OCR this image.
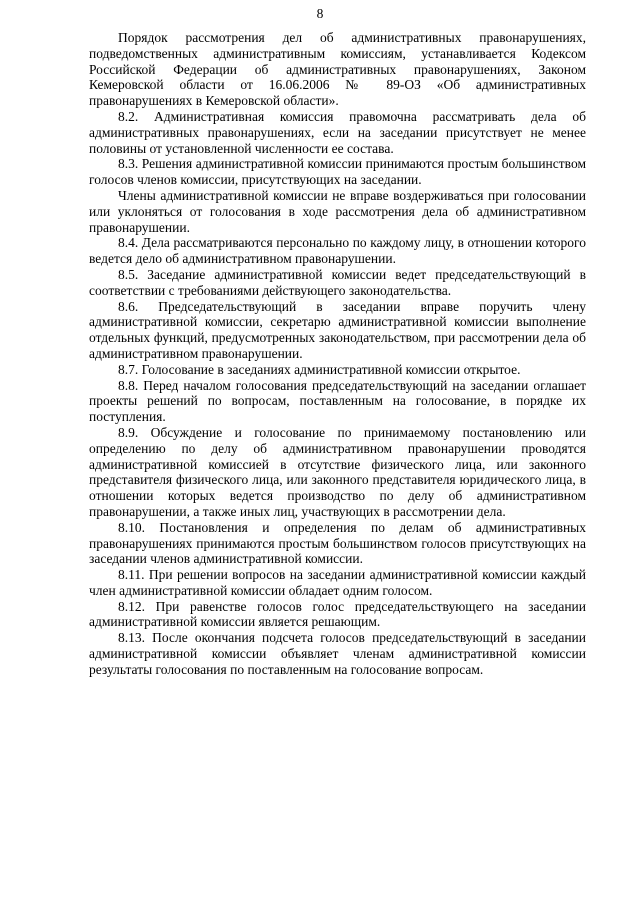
8

Порядок рассмотрения дел об административных правонарушениях, подведомственных административным комиссиям, устанавливается Кодексом Российской Федерации об административных правонарушениях, Законом Кемеровской области от 16.06.2006 № 89-ОЗ «Об административных правонарушениях в Кемеровской области».

8.2. Административная комиссия правомочна рассматривать дела об административных правонарушениях, если на заседании присутствует не менее половины от установленной численности ее состава.

8.3. Решения административной комиссии принимаются простым большинством голосов членов комиссии, присутствующих на заседании.

Члены административной комиссии не вправе воздерживаться при голосовании или уклоняться от голосования в ходе рассмотрения дела об административном правонарушении.

8.4. Дела рассматриваются персонально по каждому лицу, в отношении которого ведется дело об административном правонарушении.

8.5. Заседание административной комиссии ведет председательствующий в соответствии с требованиями действующего законодательства.

8.6. Председательствующий в заседании вправе поручить члену административной комиссии, секретарю административной комиссии выполнение отдельных функций, предусмотренных законодательством, при рассмотрении дела об административном правонарушении.

8.7. Голосование в заседаниях административной комиссии открытое.

8.8. Перед началом голосования председательствующий на заседании оглашает проекты решений по вопросам, поставленным на голосование, в порядке их поступления.

8.9. Обсуждение и голосование по принимаемому постановлению или определению по делу об административном правонарушении проводятся административной комиссией в отсутствие физического лица, или законного представителя физического лица, или законного представителя юридического лица, в отношении которых ведется производство по делу об административном правонарушении, а также иных лиц, участвующих в рассмотрении дела.

8.10. Постановления и определения по делам об административных правонарушениях принимаются простым большинством голосов присутствующих на заседании членов административной комиссии.

8.11. При решении вопросов на заседании административной комиссии каждый член административной комиссии обладает одним голосом.

8.12. При равенстве голосов голос председательствующего на заседании административной комиссии является решающим.

8.13. После окончания подсчета голосов председательствующий в заседании административной комиссии объявляет членам административной комиссии результаты голосования по поставленным на голосование вопросам.
